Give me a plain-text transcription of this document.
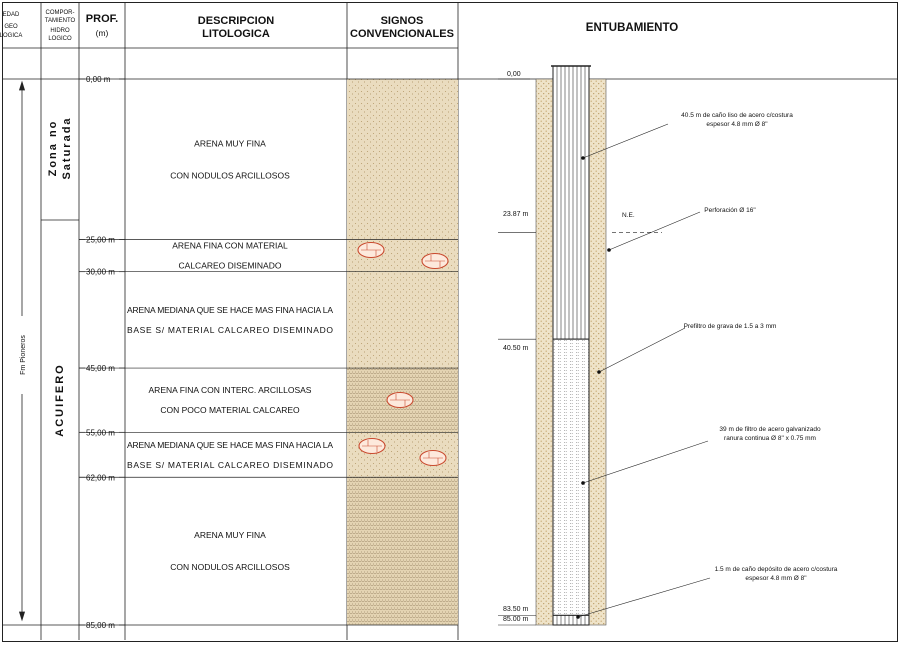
EDAD
GEO
LOGICA
COMPOR-
TAMIENTO
HIDRO
LOGICO
PROF.
(m)
DESCRIPCION
LITOLOGICA
SIGNOS
CONVENCIONALES	ENTUBAMIENTO
Fm Pioneros
Zona no Saturada
ACUIFERO
ARENA MUY FINA
CON NODULOS ARCILLOSOS
ARENA FINA CON MATERIAL
CALCAREO DISEMINADO
ARENA MEDIANA QUE SE HACE MAS FINA HACIA LA
BASE S/ MATERIAL CALCAREO DISEMINADO
ARENA FINA CON INTERC. ARCILLOSAS
CON POCO MATERIAL CALCAREO
ARENA MEDIANA QUE SE HACE MAS FINA HACIA LA
BASE S/ MATERIAL CALCAREO DISEMINADO
ARENA MUY FINA
CON NODULOS ARCILLOSOS
0,00 m
25,00 m
30,00 m
45,00 m
55,00 m
62,00 m
85,00 m
40.5 m de caño liso de acero c/costura
espesor 4.8 mm Ø 8"
Perforación Ø 16"
Prefiltro de grava de 1.5 a 3 mm
39 m de filtro de acero galvanizado
ranura continua Ø 8" x 0.75 mm
1.5 m de caño depósito de acero c/costura
espesor 4.8 mm Ø 8"
0,00
23.87 m
40.50 m
83.50 m
85.00 m
N.E.
